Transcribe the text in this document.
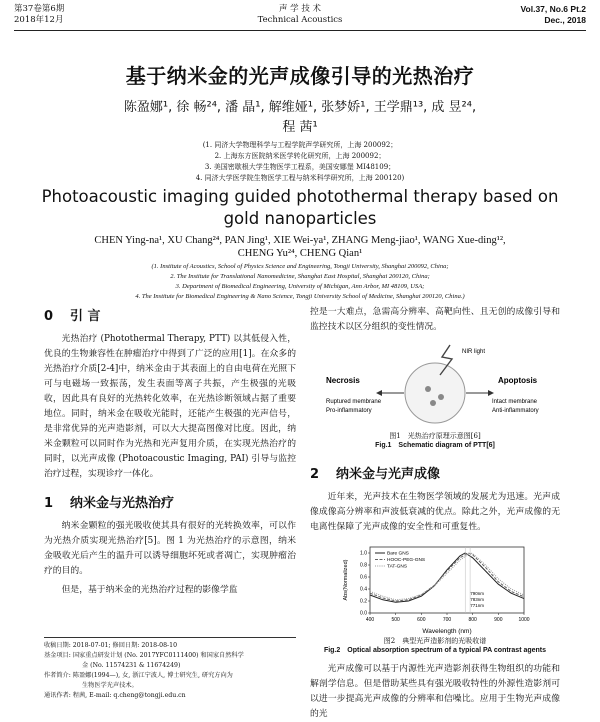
第37卷第6期
2018年12月
声 学 技 术
Technical Acoustics
Vol.37, No.6 Pt.2
Dec., 2018
基于纳米金的光声成像引导的光热治疗
陈盈娜¹, 徐 畅²⁴, 潘 晶¹, 解维娅¹, 张梦娇¹, 王学鼎¹³, 成 昱²⁴,
程 茜¹
(1. 同济大学物理科学与工程学院声学研究所，上海 200092；
2. 上海东方医院纳米医学转化研究所，上海 200092；
3. 美国密歇根大学生物医学工程系，美国安娜堡 MI48109；
4. 同济大学医学院生物医学工程与纳米科学研究所，上海 200120)
Photoacoustic imaging guided photothermal therapy based on
gold nanoparticles
CHEN Ying-na¹, XU Chang²⁴, PAN Jing¹, XIE Wei-ya¹, ZHANG Meng-jiao¹, WANG Xue-ding¹²,
CHENG Yu²⁴, CHENG Qian¹
(1. Institute of Acoustics, School of Physics Science and Engineering, Tongji University, Shanghai 200092, China;
2. The Institute for Translational Nanomedicine, Shanghai East Hospital, Shanghai 200120, China;
3. Department of Biomedical Engineering, University of Michigan, Ann Arbor, MI 48109, USA;
4. The Institute for Biomedical Engineering & Nano Science, Tongji University School of Medicine, Shanghai 200120, China.)
0 引 言

光热治疗 (Photothermal Therapy, PTT) 以其低侵入性，优良的生物兼容性在肿瘤治疗中得到了广泛的应用[1]。在众多的光热治疗介质[2-4]中，纳米金由于其表面上的自由电荷在光照下可与电磁场一致振荡，发生表面等离子共振，产生极强的光吸收，因此具有良好的光热转化效率，在光热诊断领域占据了重要地位。同时，纳米金在吸收光能时，还能产生极强的光声信号，是非常优异的光声造影剂，可以大大提高图像对比度。因此，纳米金颗粒可以同时作为光热和光声复用介质，在实现光热治疗的同时，以光声成像 (Photoacoustic Imaging, PAI) 引导与监控治疗过程，实现诊疗一体化。

1 纳米金与光热治疗

纳米金颗粒的强光吸收使其具有很好的光转换效率，可以作为光热介质实现光热治疗[5]。图 1 为光热治疗的示意图，纳米金吸收光后产生的温升可以诱导细胞坏死或者凋亡，实现肿瘤治疗的目的。

但是，基于纳米金的光热治疗过程的影像学监

控是一大难点，急需高分辨率、高靶向性、且无创的成像引导和监控技术以区分组织的变性情况。

NIR light
Necrosis
Ruptured membrane
Pro-inflammatory
Apoptosis
Intact membrane
Anti-inflammatory
图1　光热治疗原理示意图[6]
Fig.1　Schematic diagram of PTT[6]
2 纳米金与光声成像

近年来，光声技术在生物医学领域的发展尤为迅速。光声成像成像高分辨率和声波低衰减的优点。除此之外，光声成像的无电离性保障了光声成像的安全性和可重复性。

400	500	600	700	800	900	1000
0.0
0.2
0.4
0.6
0.8
1.0
Wavelength (nm)
Abs(Normalized)
Bare GNS
HOOC-PEG-GNS
TAT-GNS
771nm
783nm
790nm
图2　典型光声造影剂的光吸收谱
Fig.2　Optical absorption spectrum of a typical PA contrast agents

光声成像可以基于内源性光声造影剂获得生物组织的功能和解剖学信息。但是借助某些具有强光吸收特性的外源性造影剂可以进一步提高光声成像的分辨率和信噪比。应用于生物光声成像的光

收稿日期: 2018-07-01; 修回日期: 2018-08-10
基金项目: 国家重点研发计划 (No. 2017YFC0111400) 和国家自然科学
金 (No. 11574231 & 11674249)
作者简介: 陈盈娜(1994—), 女, 浙江宁波人, 博士研究生, 研究方向为
生物医学光声技术。
通讯作者: 程茜, E-mail: q.cheng@tongji.edu.cn
